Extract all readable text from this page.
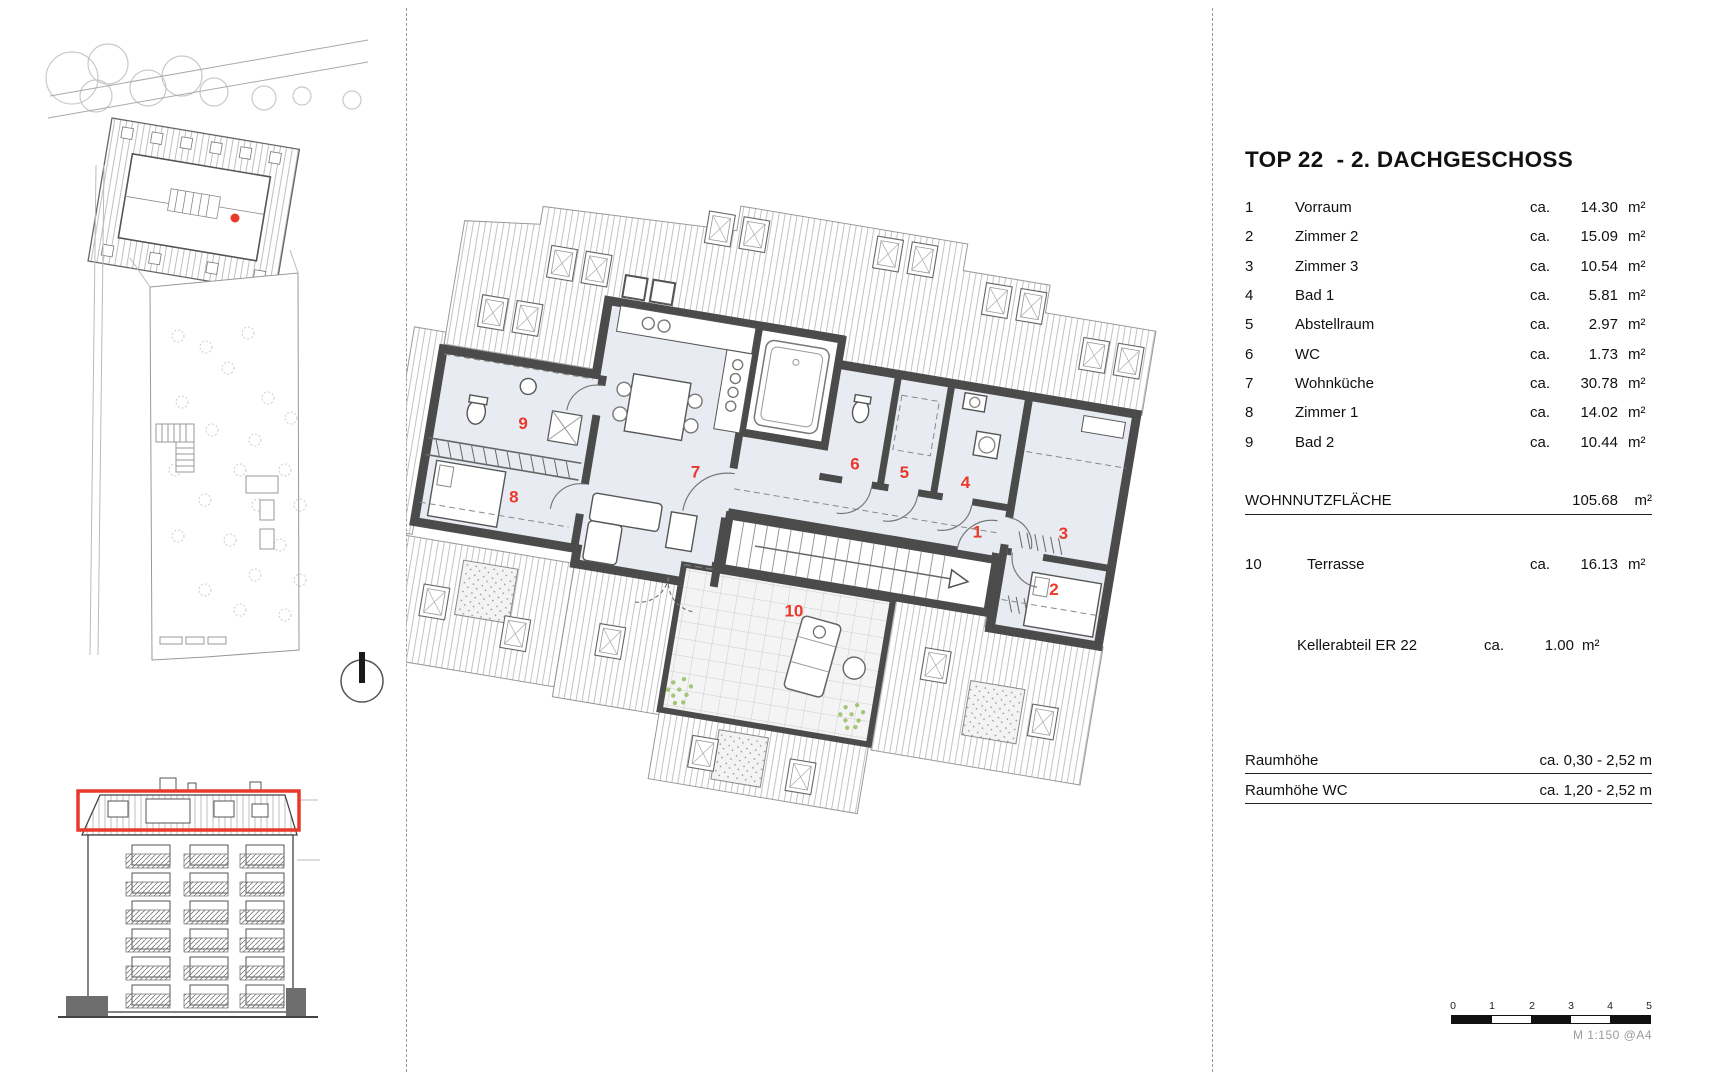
1
2
3
4
5
6
7
8
9
10
TOP 22  - 2. DACHGESCHOSS
1	Vorraum	ca.	14.30 m²
2	Zimmer 2	ca.	15.09 m²
3	Zimmer 3	ca.	10.54 m²
4	Bad 1	ca.	5.81 m²
5	Abstellraum	ca.	2.97 m²
6	WC	ca.	1.73 m²
7	Wohnküche	ca.	30.78 m²
8	Zimmer 1	ca.	14.02 m²
9	Bad 2	ca.	10.44 m²
WOHNNUTZFLÄCHE	105.68	m²
10	Terrasse	ca.	16.13 m²
Kellerabteil ER 22	ca.	1.00 m²
Raumhöhe	ca. 0,30 - 2,52 m
Raumhöhe WC	ca. 1,20 - 2,52 m
0	1	2	3	4	5
M 1:150 @A4
